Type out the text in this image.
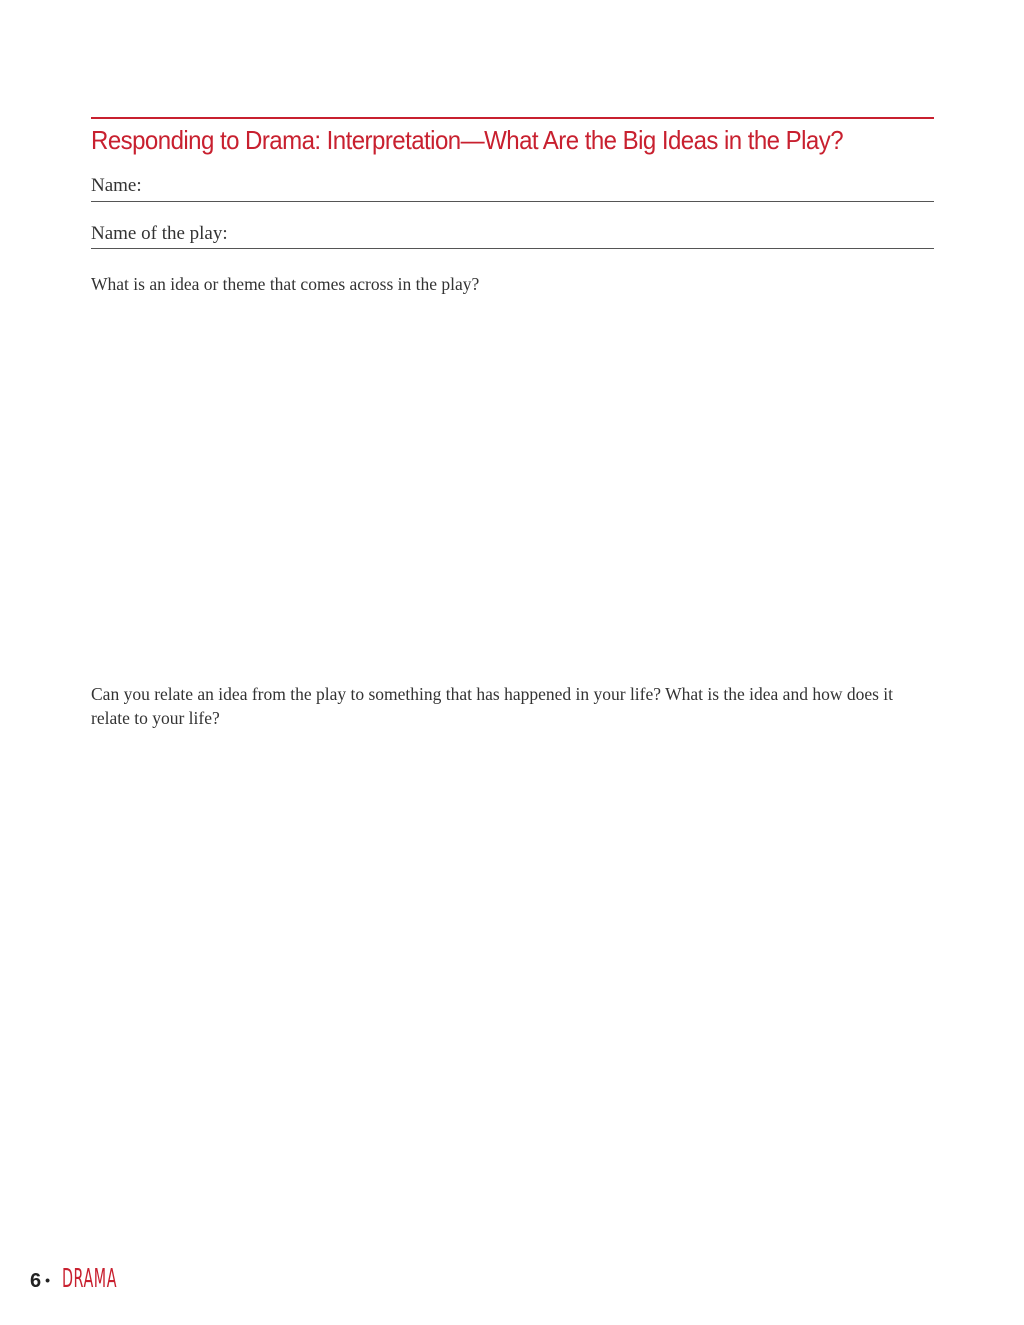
Responding to Drama: Interpretation—What Are the Big Ideas in the Play?
Name:
Name of the play:
What is an idea or theme that comes across in the play?
Can you relate an idea from the play to something that has happened in your life? What is the idea and how does it relate to your life?
6 • DRAMA
